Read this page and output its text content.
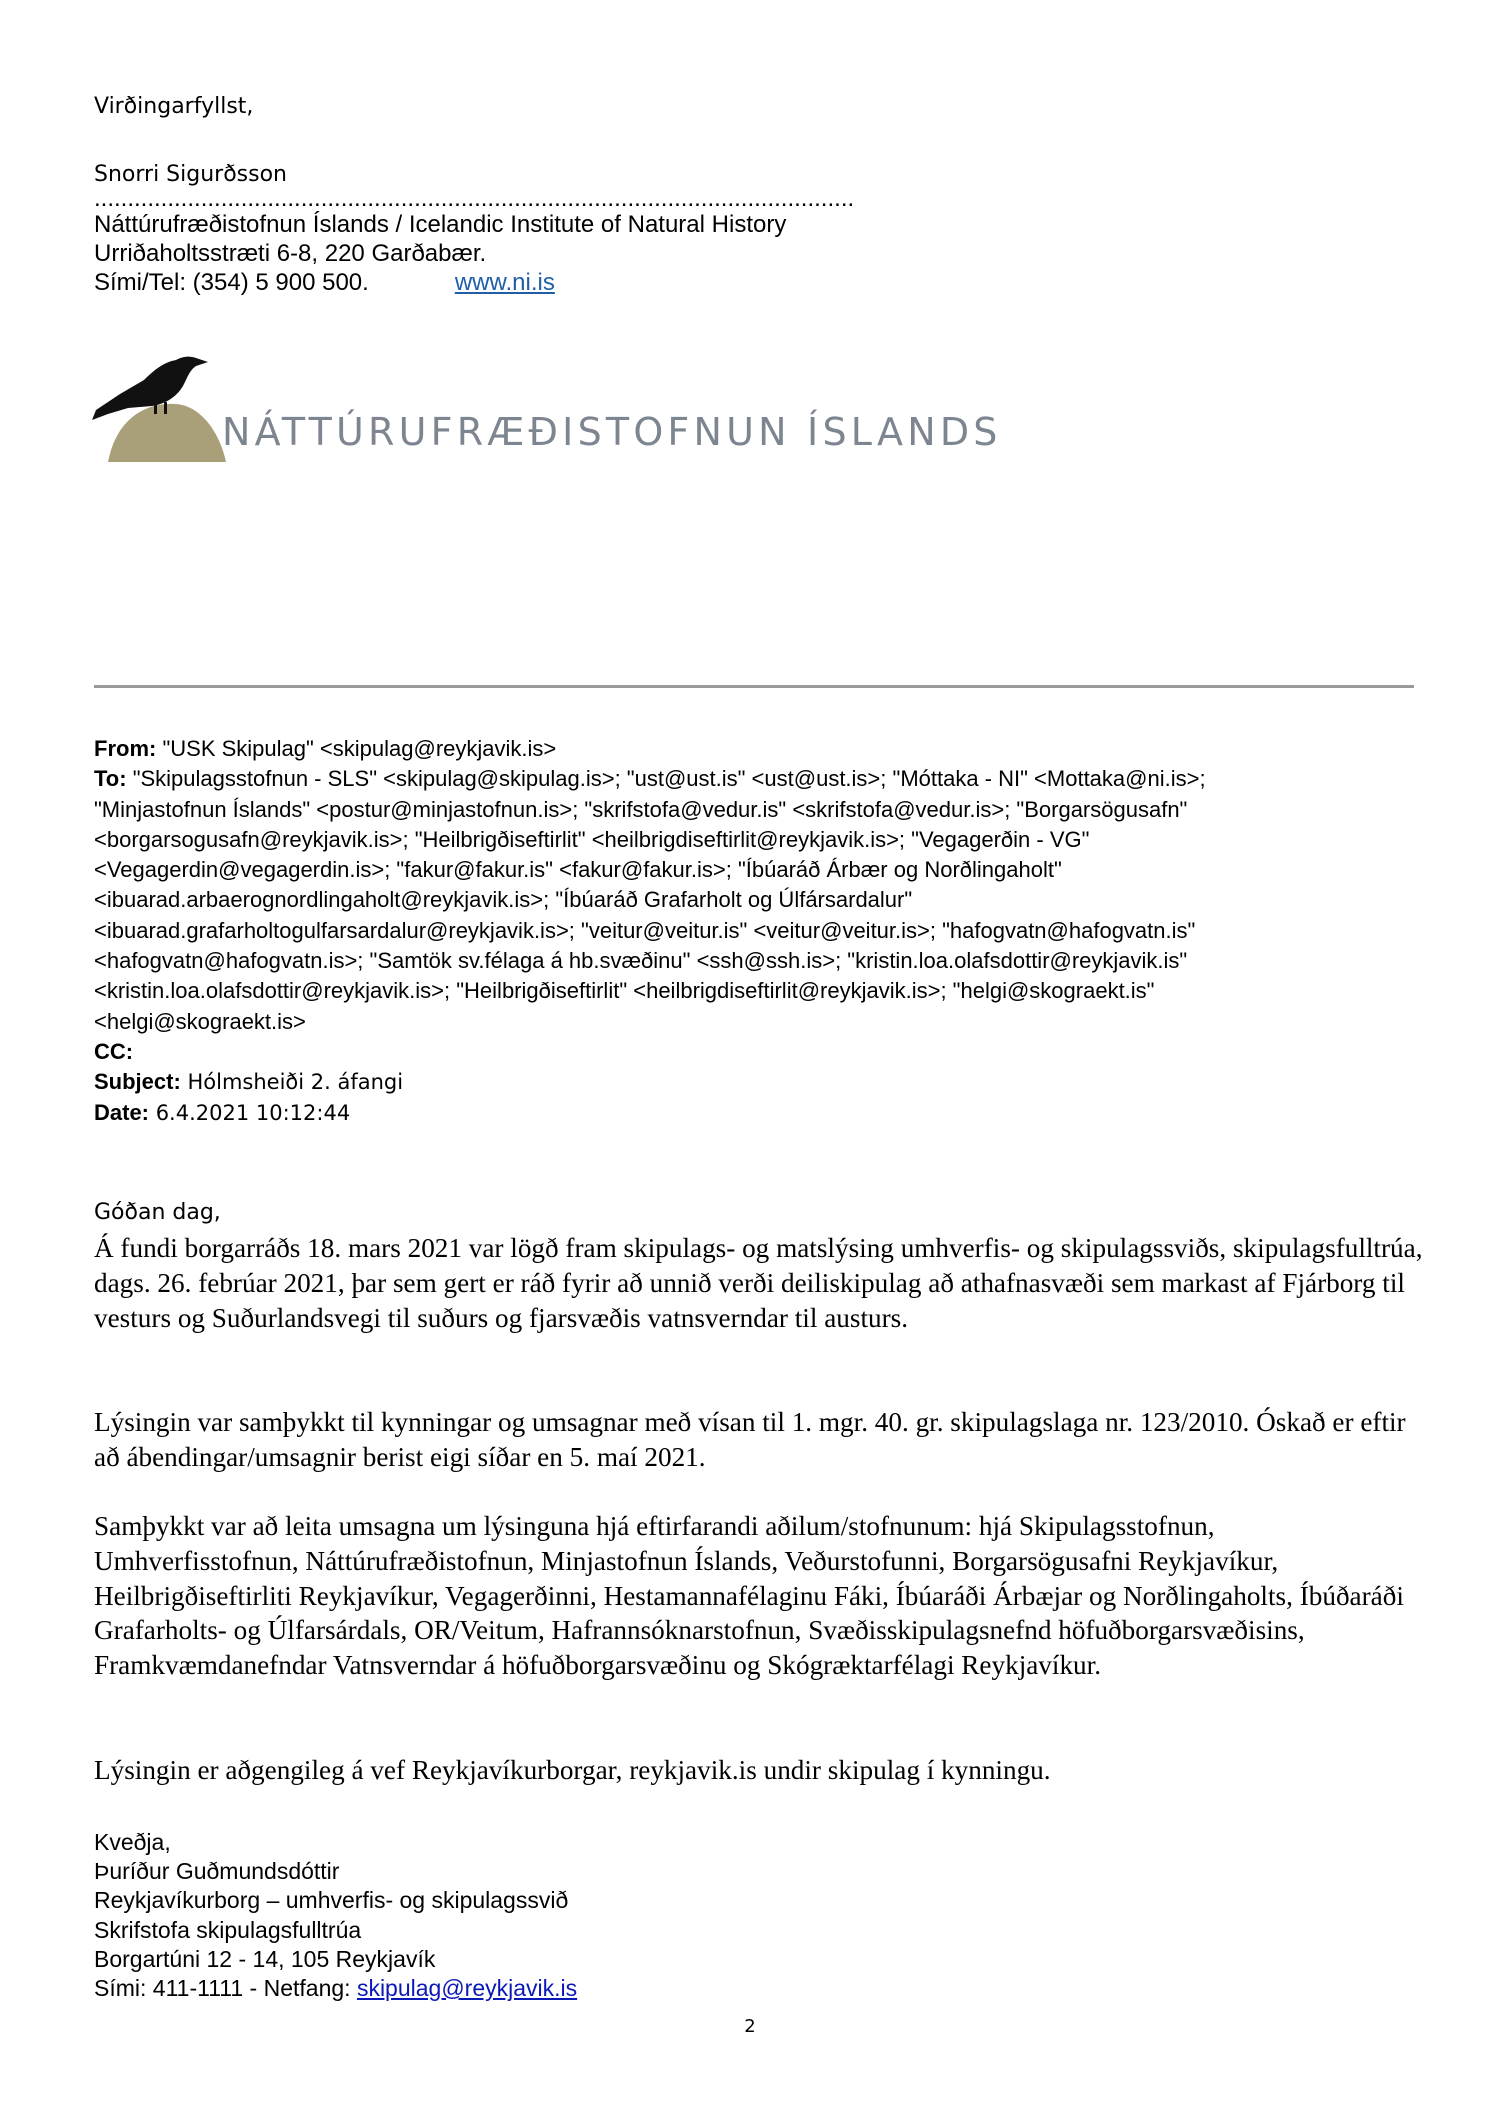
Virðingarfyllst,
Snorri Sigurðsson
..................................................................................................................
Náttúrufræðistofnun Íslands / Icelandic Institute of Natural History
Urriðaholtsstræti 6-8, 220 Garðabær.
Sími/Tel: (354) 5 900 500.	www.ni.is
NÁTTÚRUFRÆÐISTOFNUN ÍSLANDS
From: "USK Skipulag" <skipulag@reykjavik.is>
To: "Skipulagsstofnun - SLS" <skipulag@skipulag.is>; "ust@ust.is" <ust@ust.is>; "Móttaka - NI" <Mottaka@ni.is>;
"Minjastofnun Íslands" <postur@minjastofnun.is>; "skrifstofa@vedur.is" <skrifstofa@vedur.is>; "Borgarsögusafn"
<borgarsogusafn@reykjavik.is>; "Heilbrigðiseftirlit" <heilbrigdiseftirlit@reykjavik.is>; "Vegagerðin - VG"
<Vegagerdin@vegagerdin.is>; "fakur@fakur.is" <fakur@fakur.is>; "Íbúaráð Árbær og Norðlingaholt"
<ibuarad.arbaerognordlingaholt@reykjavik.is>; "Íbúaráð Grafarholt og Úlfársardalur"
<ibuarad.grafarholtogulfarsardalur@reykjavik.is>; "veitur@veitur.is" <veitur@veitur.is>; "hafogvatn@hafogvatn.is"
<hafogvatn@hafogvatn.is>; "Samtök sv.félaga á hb.svæðinu" <ssh@ssh.is>; "kristin.loa.olafsdottir@reykjavik.is"
<kristin.loa.olafsdottir@reykjavik.is>; "Heilbrigðiseftirlit" <heilbrigdiseftirlit@reykjavik.is>; "helgi@skograekt.is"
<helgi@skograekt.is>
CC:
Subject: Hólmsheiði 2. áfangi
Date: 6.4.2021 10:12:44
Góðan dag,

Á fundi borgarráðs 18. mars 2021 var lögð fram skipulags- og matslýsing umhverfis- og skipulagssviðs, skipulagsfulltrúa, dags. 26. febrúar 2021, þar sem gert er ráð fyrir að unnið verði deiliskipulag að athafnasvæði sem markast af Fjárborg til vesturs og Suðurlandsvegi til suðurs og fjarsvæðis vatnsverndar til austurs.

Lýsingin var samþykkt til kynningar og umsagnar með vísan til 1. mgr. 40. gr. skipulagslaga nr. 123/2010. Óskað er eftir að ábendingar/umsagnir berist eigi síðar en 5. maí 2021.

Samþykkt var að leita umsagna um lýsinguna hjá eftirfarandi aðilum/stofnunum: hjá Skipulagsstofnun, Umhverfisstofnun, Náttúrufræðistofnun, Minjastofnun Íslands, Veðurstofunni, Borgarsögusafni Reykjavíkur, Heilbrigðiseftirliti Reykjavíkur, Vegagerðinni, Hestamannafélaginu Fáki, Íbúaráði Árbæjar og Norðlingaholts, Íbúðaráði Grafarholts- og Úlfarsárdals, OR/Veitum, Hafrannsóknarstofnun, Svæðisskipulagsnefnd höfuðborgarsvæðisins, Framkvæmdanefndar Vatnsverndar á höfuðborgarsvæðinu og Skógræktarfélagi Reykjavíkur.

Lýsingin er aðgengileg á vef Reykjavíkurborgar, reykjavik.is undir skipulag í kynningu.

Kveðja,
Þuríður Guðmundsdóttir
Reykjavíkurborg – umhverfis- og skipulagssvið
Skrifstofa skipulagsfulltrúa
Borgartúni 12 - 14, 105 Reykjavík
Sími: 411-1111 - Netfang: skipulag@reykjavik.is
2
